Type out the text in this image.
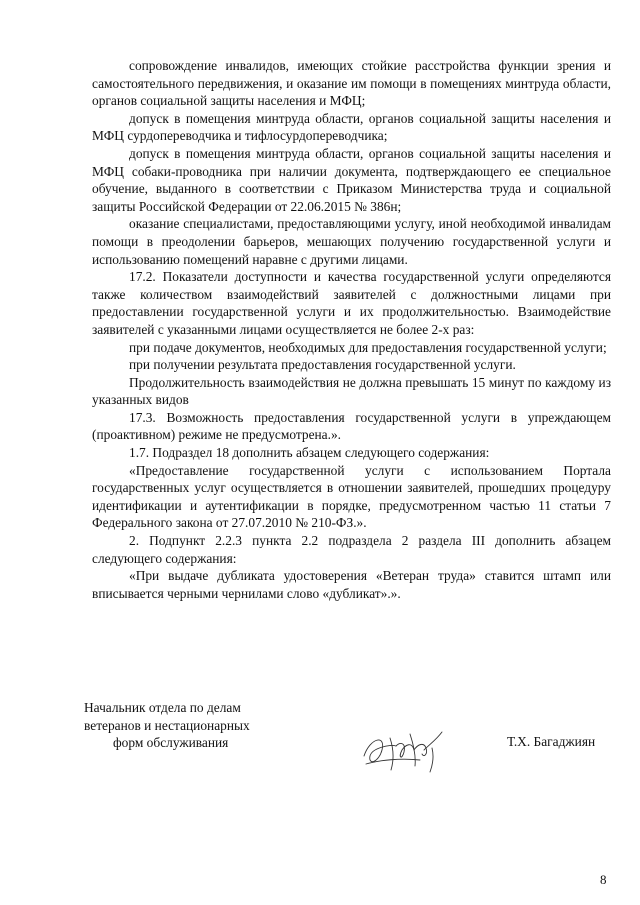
сопровождение инвалидов, имеющих стойкие расстройства функции зрения и самостоятельного передвижения, и оказание им помощи в помещениях минтруда области, органов социальной защиты населения и МФЦ;

допуск в помещения минтруда области, органов социальной защиты населения и МФЦ сурдопереводчика и тифлосурдопереводчика;

допуск в помещения минтруда области, органов социальной защиты населения и МФЦ собаки-проводника при наличии документа, подтверждающего ее специальное обучение, выданного в соответствии с Приказом Министерства труда и социальной защиты Российской Федерации от 22.06.2015 № 386н;

оказание специалистами, предоставляющими услугу, иной необходимой инвалидам помощи в преодолении барьеров, мешающих получению государственной услуги и использованию помещений наравне с другими лицами.

17.2. Показатели доступности и качества государственной услуги определяются также количеством взаимодействий заявителей с должностными лицами при предоставлении государственной услуги и их продолжительностью. Взаимодействие заявителей с указанными лицами осуществляется не более 2-х раз:

при подаче документов, необходимых для предоставления государственной услуги;

при получении результата предоставления государственной услуги.

Продолжительность взаимодействия не должна превышать 15 минут по каждому из указанных видов

17.3. Возможность предоставления государственной услуги в упреждающем (проактивном) режиме не предусмотрена.».

1.7. Подраздел 18 дополнить абзацем следующего содержания:

«Предоставление государственной услуги с использованием Портала государственных услуг осуществляется в отношении заявителей, прошедших процедуру идентификации и аутентификации в порядке, предусмотренном частью 11 статьи 7 Федерального закона от 27.07.2010 № 210-ФЗ.».

2. Подпункт 2.2.3 пункта 2.2 подраздела 2 раздела III дополнить абзацем следующего содержания:

«При выдаче дубликата удостоверения «Ветеран труда» ставится штамп или вписывается черными чернилами слово «дубликат».».

Начальник отдела по делам
ветеранов и нестационарных
форм обслуживания	Т.Х. Багаджиян
8
